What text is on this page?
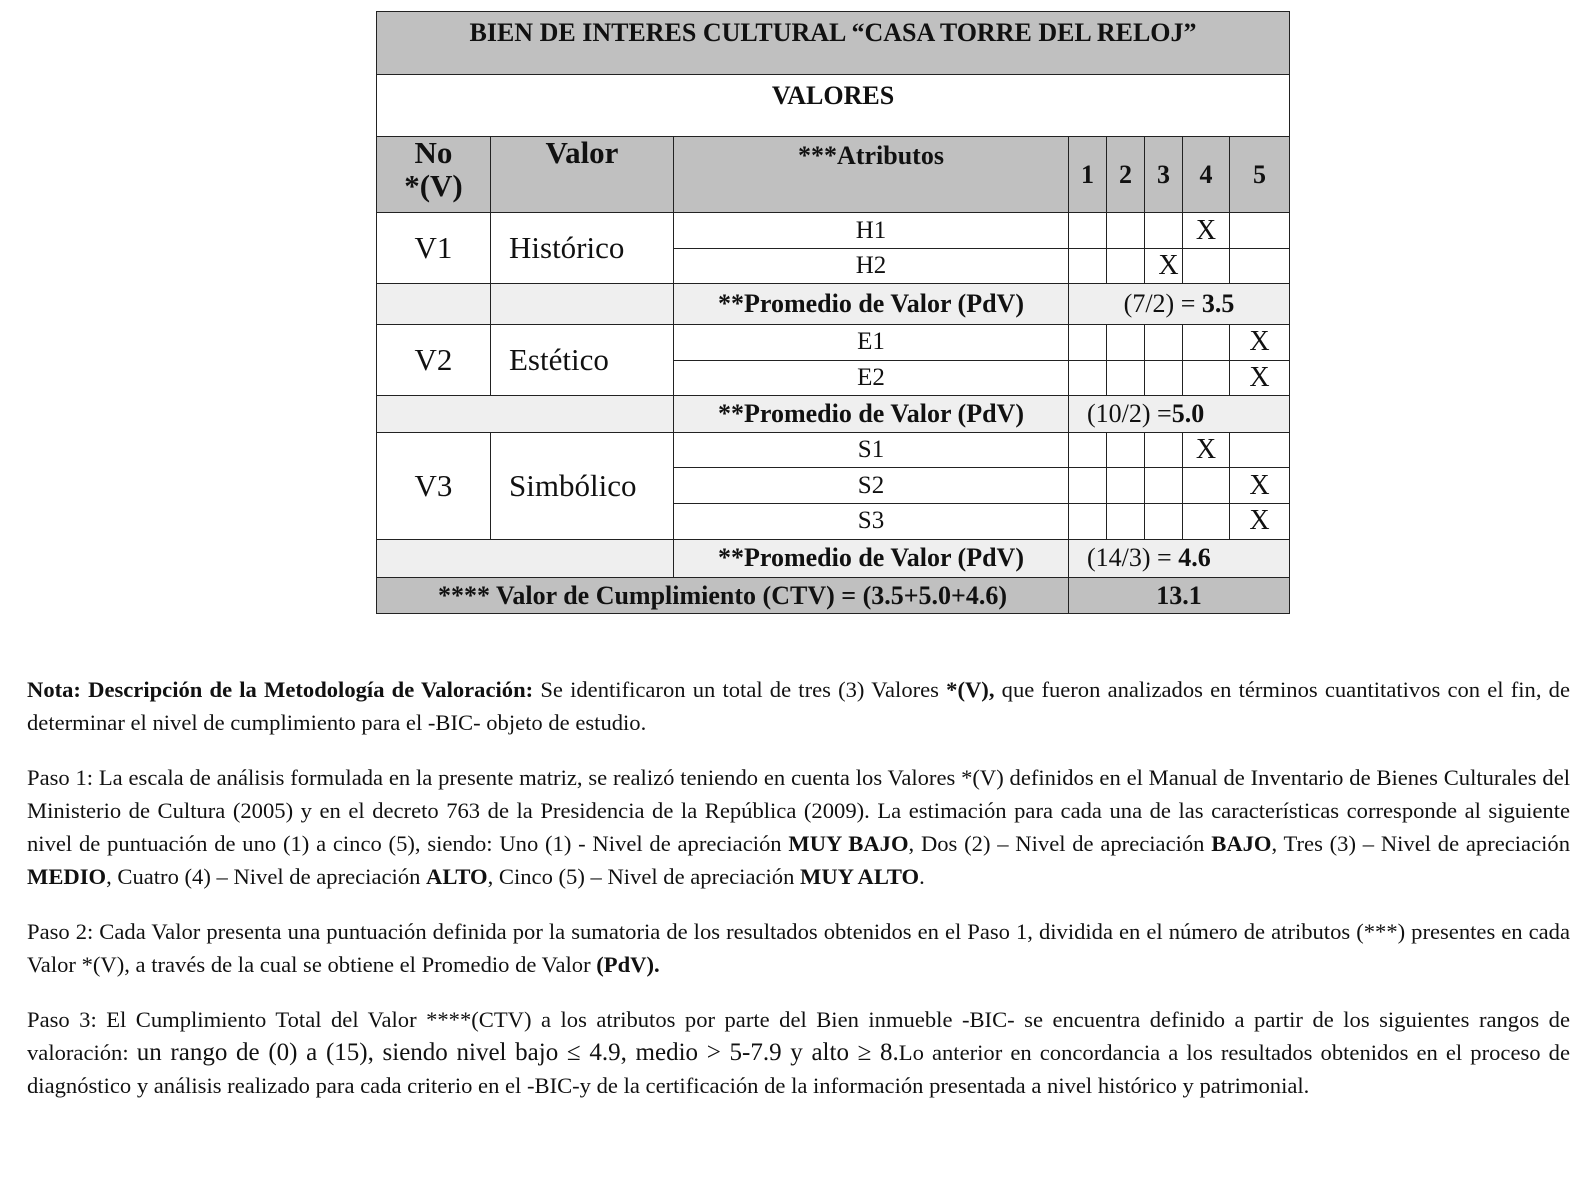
BIEN DE INTERES CULTURAL “CASA TORRE DEL RELOJ”							
VALORES							
No
*(V)	Valor	***Atributos	1	2	3	4	5
V1	Histórico	H1				X	
		H2			X		
		**Promedio de Valor (PdV)	(7/2) = 3.5				
V2	Estético	E1					X
		E2					X
		**Promedio de Valor (PdV)	(10/2) =5.0				
V3	Simbólico	S1				X	
		S2					X
		S3					X
		**Promedio de Valor (PdV)	(14/3) = 4.6				
**** Valor de Cumplimiento (CTV) = (3.5+5.0+4.6)			13.1				

Nota: Descripción de la Metodología de Valoración: Se identificaron un total de tres (3) Valores *(V), que fueron analizados en términos cuantitativos con el fin, de determinar el nivel de cumplimiento para el -BIC- objeto de estudio.

Paso 1: La escala de análisis formulada en la presente matriz, se realizó teniendo en cuenta los Valores *(V) definidos en el Manual de Inventario de Bienes Culturales del Ministerio de Cultura (2005) y en el decreto 763 de la Presidencia de la República (2009). La estimación para cada una de las características corresponde al siguiente nivel de puntuación de uno (1) a cinco (5), siendo: Uno (1) - Nivel de apreciación MUY BAJO, Dos (2) – Nivel de apreciación BAJO, Tres (3) – Nivel de apreciación MEDIO, Cuatro (4) – Nivel de apreciación ALTO, Cinco (5) – Nivel de apreciación MUY ALTO.

Paso 2: Cada Valor presenta una puntuación definida por la sumatoria de los resultados obtenidos en el Paso 1, dividida en el número de atributos (***) presentes en cada Valor *(V), a través de la cual se obtiene el Promedio de Valor (PdV).

Paso 3: El Cumplimiento Total del Valor ****(CTV) a los atributos por parte del Bien inmueble -BIC- se encuentra definido a partir de los siguientes rangos de valoración: un rango de (0) a (15), siendo nivel bajo ≤ 4.9, medio > 5-7.9 y alto ≥ 8.Lo anterior en concordancia a los resultados obtenidos en el proceso de diagnóstico y análisis realizado para cada criterio en el -BIC-y de la certificación de la información presentada a nivel histórico y patrimonial.
